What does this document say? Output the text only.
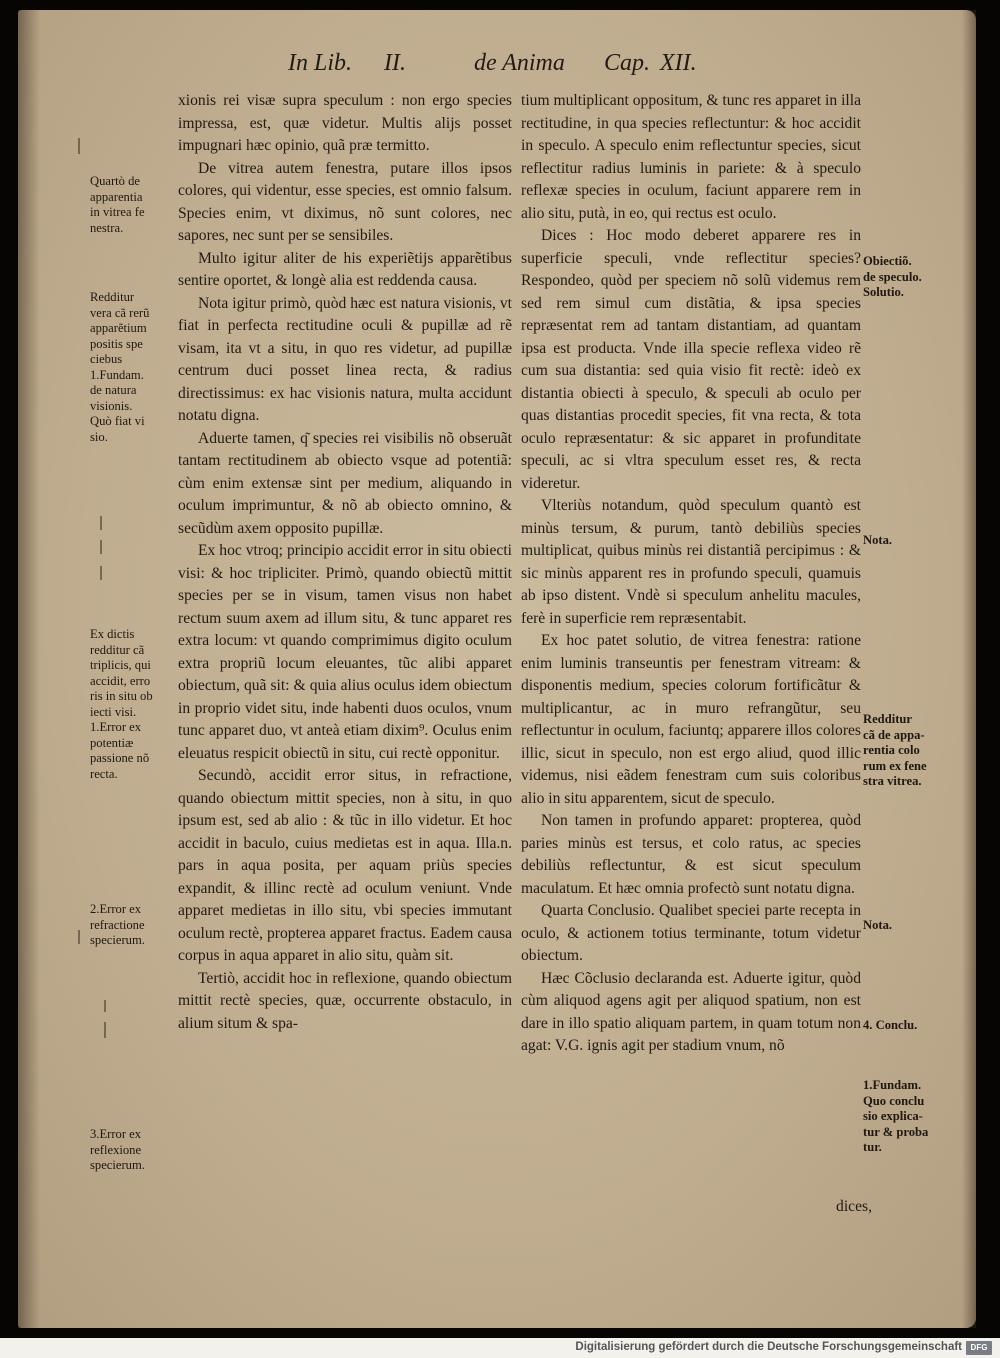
In Lib. II.	de Anima Cap. XII.

xionis rei visæ supra speculum : non ergo species impressa, est, quæ videtur. Multis alijs posset impugnari hæc opinio, quã præ termitto.

De vitrea autem fenestra, putare illos ipsos colores, qui videntur, esse species, est omnio falsum. Species enim, vt diximus, nõ sunt colores, nec sapores, nec sunt per se sensibiles.

Multo igitur aliter de his experiẽtijs apparẽtibus sentire oportet, & longè alia est reddenda causa.

Nota igitur primò, quòd hæc est natura visionis, vt fiat in perfecta rectitudine oculi & pupillæ ad rẽ visam, ita vt a situ, in quo res videtur, ad pupillæ centrum duci posset linea recta, & radius directissimus: ex hac visionis natura, multa accidunt notatu digna.

Aduerte tamen, q͂ species rei visibilis nõ obseruãt tantam rectitudinem ab obiecto vsque ad potentiã: cùm enim extensæ sint per medium, aliquando in oculum imprimuntur, & nõ ab obiecto omnino, & secũdùm axem opposito pupillæ.

Ex hoc vtroq; principio accidit error in situ obiecti visi: & hoc tripliciter. Primò, quando obiectũ mittit species per se in visum, tamen visus non habet rectum suum axem ad illum situ, & tunc apparet res extra locum: vt quando comprimimus digito oculum extra propriũ locum eleuantes, tũc alibi apparet obiectum, quã sit: & quia alius oculus idem obiectum in proprio videt situ, inde habenti duos oculos, vnum tunc apparet duo, vt anteà etiam dixim⁹. Oculus enim eleuatus respicit obiectũ in situ, cui rectè opponitur.

Secundò, accidit error situs, in refractione, quando obiectum mittit species, non à situ, in quo ipsum est, sed ab alio : & tũc in illo videtur. Et hoc accidit in baculo, cuius medietas est in aqua. Illa.n. pars in aqua posita, per aquam priùs species expandit, & illinc rectè ad oculum veniunt. Vnde apparet medietas in illo situ, vbi species immutant oculum rectè, propterea apparet fractus. Eadem causa corpus in aqua apparet in alio situ, quàm sit.

Tertiò, accidit hoc in reflexione, quando obiectum mittit rectè species, quæ, occurrente obstaculo, in alium situm & spa-

tium multiplicant oppositum, & tunc res apparet in illa rectitudine, in qua species reflectuntur: & hoc accidit in speculo. A speculo enim reflectuntur species, sicut reflectitur radius luminis in pariete: & à speculo reflexæ species in oculum, faciunt apparere rem in alio situ, putà, in eo, qui rectus est oculo.

Dices : Hoc modo deberet apparere res in superficie speculi, vnde reflectitur species? Respondeo, quòd per speciem nõ solũ videmus rem sed rem simul cum distãtia, & ipsa species repræsentat rem ad tantam distantiam, ad quantam ipsa est producta. Vnde illa specie reflexa video rẽ cum sua distantia: sed quia visio fit rectè: ideò ex distantia obiecti à speculo, & speculi ab oculo per quas distantias procedit species, fit vna recta, & tota oculo repræsentatur: & sic apparet in profunditate speculi, ac si vltra speculum esset res, & recta videretur.

Vlteriùs notandum, quòd speculum quantò est minùs tersum, & purum, tantò debiliùs species multiplicat, quibus minùs rei distantiã percipimus : & sic minùs apparent res in profundo speculi, quamuis ab ipso distent. Vndè si speculum anhelitu macules, ferè in superficie rem repræsentabit.

Ex hoc patet solutio, de vitrea fenestra: ratione enim luminis transeuntis per fenestram vitream: & disponentis medium, species colorum fortificãtur & multiplicantur, ac in muro refrangũtur, seu reflectuntur in oculum, faciuntq; apparere illos colores illic, sicut in speculo, non est ergo aliud, quod illic videmus, nisi eãdem fenestram cum suis coloribus alio in situ apparentem, sicut de speculo.

Non tamen in profundo apparet: propterea, quòd paries minùs est tersus, et colo ratus, ac species debiliùs reflectuntur, & est sicut speculum maculatum. Et hæc omnia profectò sunt notatu digna.

Quarta Conclusio. Qualibet speciei parte recepta in oculo, & actionem totius terminante, totum videtur obiectum.

Hæc Cõclusio declaranda est. Aduerte igitur, quòd cùm aliquod agens agit per aliquod spatium, non est dare in illo spatio aliquam partem, in quam totum non agat: V.G. ignis agit per stadium vnum, nõ

dices,
Quartò de
apparentia
in vitrea fe
nestra.
Redditur
vera cã rerũ
apparẽtium
positis spe
ciebus
1.Fundam.
de natura
visionis.
Quò fiat vi
sio.
Ex dictis
redditur cã
triplicis, qui
accidit, erro
ris in situ ob
iecti visi.
1.Error ex
potentiæ
passione nõ
recta.
2.Error ex
refractione
specierum.
3.Error ex
reflexione
specierum.
Obiectiõ.
de speculo.
Solutio.
Nota.
Redditur
cã de appa-
rentia colo
rum ex fene
stra vitrea.
Nota.
4. Conclu.
1.Fundam.
Quo conclu
sio explica-
tur & proba
tur.
Digitalisierung gefördert durch die Deutsche Forschungsgemeinschaft	DFG
